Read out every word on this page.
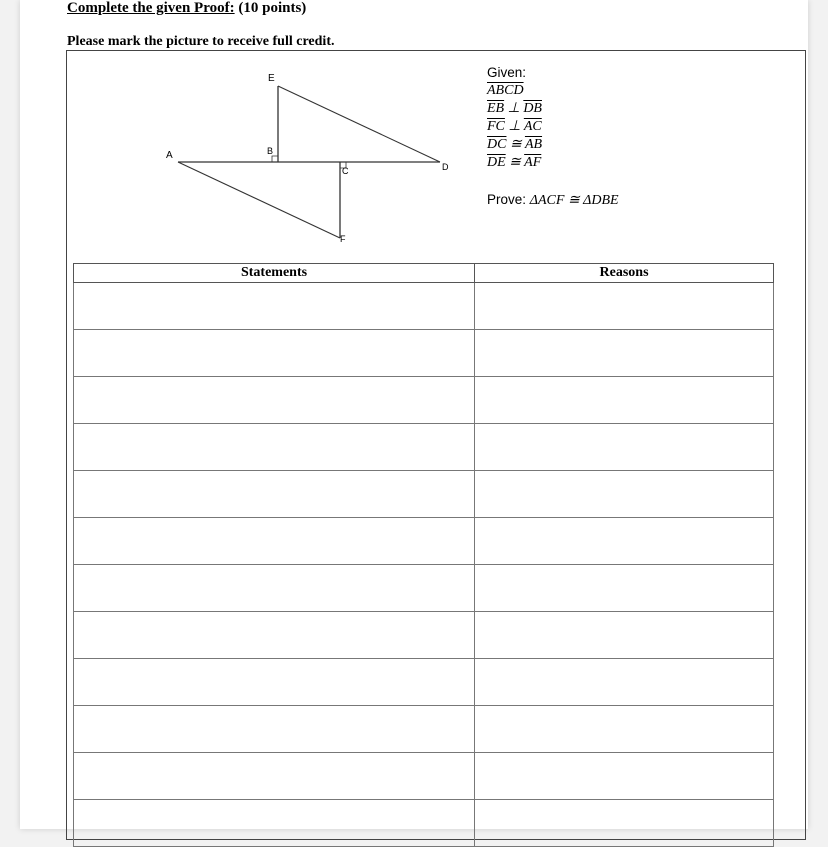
Complete the given Proof: (10 points)
Please mark the picture to receive full credit.
A	B
C	D
E
F
Given:
ABCD
$\overline{EB}$ ⊥ $\overline{DB}$
$\overline{FC}$ ⊥ $\overline{AC}$
$\overline{DC}$ ≅ $\overline{AB}$
$\overline{DE}$ ≅ $\overline{AF}$
Prove: ΔACF ≅ ΔDBE
Statements	Reasons
